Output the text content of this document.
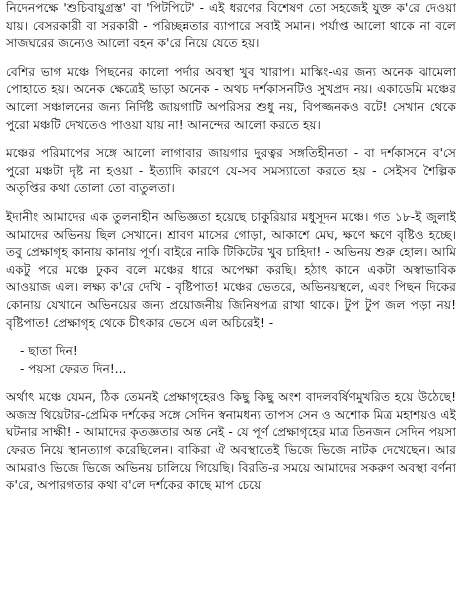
নিদেনপক্ষে 'শুচিবায়ুগ্রস্ত' বা 'পিটপিটে' - এই ধরণের বিশেষণ তো সহজেই যুক্ত ক'রে দেওয়া যায়। বেসরকারী বা সরকারী - পরিচ্ছন্নতার ব্যাপারে সবাই সমান। পর্যাপ্ত আলো থাকে না বলে সাজঘরের জন্যেও আলো বহন ক'রে নিয়ে যেতে হয়।

বেশির ভাগ মঞ্চে পিছনের কালো পর্দার অবস্থা খুব খারাপ। মাস্কিং-এর জন্য অনেক ঝামেলা পোহাতে হয়। অনেক ক্ষেত্রেই ভাড়া অনেক - অথচ দর্শকাসনটিও সুখপ্রদ নয়। একাডেমি মঞ্চের আলো সঞ্চালনের জন্য নির্দিষ্ট জায়গাটি অপরিসর শুধু নয়, বিপজ্জনকও বটে! সেখান থেকে পুরো মঞ্চটি দেখতেও পাওয়া যায় না! আনন্দের আলো করতে হয়।

মঞ্চের পরিমাপের সঙ্গে আলো লাগাবার জায়গার দুরত্বর সঙ্গতিহীনতা - বা দর্শকাসনে ব'সে পুরো মঞ্চটা দৃষ্ট না হওয়া - ইত্যাদি কারণে যে-সব সমস্যাতো করতে হয় - সেইসব শৈল্পিক অতৃপ্তির কথা তোলা তো বাতুলতা।

ইদানীং আমাদের এক তুলনাহীন অভিজ্ঞতা হয়েছে চাকুরিয়ার মধুসূদন মঞ্চে। গত ১৮-ই জুলাই আমাদের অভিনয় ছিল সেখানে। শ্রাবণ মাসের গোড়া, আকাশে মেঘ, ক্ষণে ক্ষণে বৃষ্টিও হচ্ছে। তবু প্রেক্ষাগৃহ কানায় কানায় পূর্ণ। বাইরে নাকি টিকিটের খুব চাহিদা! - অভিনয় শুরু হোল। আমি একটু পরে মঞ্চে ঢুকব বলে মঞ্চের ধারে অপেক্ষা করছি। হঠাৎ কানে একটা অস্বাভাবিক আওয়াজ এল। লক্ষ্য ক'রে দেখি - বৃষ্টিপাত! মঞ্চের ভেতরে, অভিনয়স্থলে, এবং পিছন দিকের কোনায় যেখানে অভিনয়ের জন্য প্রয়োজনীয় জিনিষপত্র রাখা থাকে। টুপ টুপ জল পড়া নয়! বৃষ্টিপাত! প্রেক্ষাগৃহ থেকে চীৎকার ভেসে এল অচিরেই! -

- ছাতা দিন!

- পয়সা ফেরত দিন!...

অর্থাৎ মঞ্চে যেমন, ঠিক তেমনই প্রেক্ষাগৃহেরও কিছু কিছু অংশ বাদলবর্ষিণমুখরিত হয়ে উঠেছে! অজস্র থিয়েটার-প্রেমিক দর্শকের সঙ্গে সেদিন স্বনামধন্য তাপস সেন ও অশোক মিত্র মহাশয়ও এই ঘটনার সাক্ষী! - আমাদের কৃতজ্ঞতার অন্ত নেই - যে পূর্ণ প্রেক্ষাগৃহের মাত্র তিনজন সেদিন পয়সা ফেরত নিয়ে স্থানত্যাগ করেছিলেন। বাকিরা ঐ অবস্থাতেই ভিজে ভিজে নাটক দেখেছেন। আর আমরাও ভিজে ভিজে অভিনয় চালিয়ে গিয়েছি। বিরতি-র সময়ে আমাদের সকরুণ অবস্থা বর্ণনা ক'রে, অপারগতার কথা ব'লে দর্শকের কাছে মাপ চেয়ে
